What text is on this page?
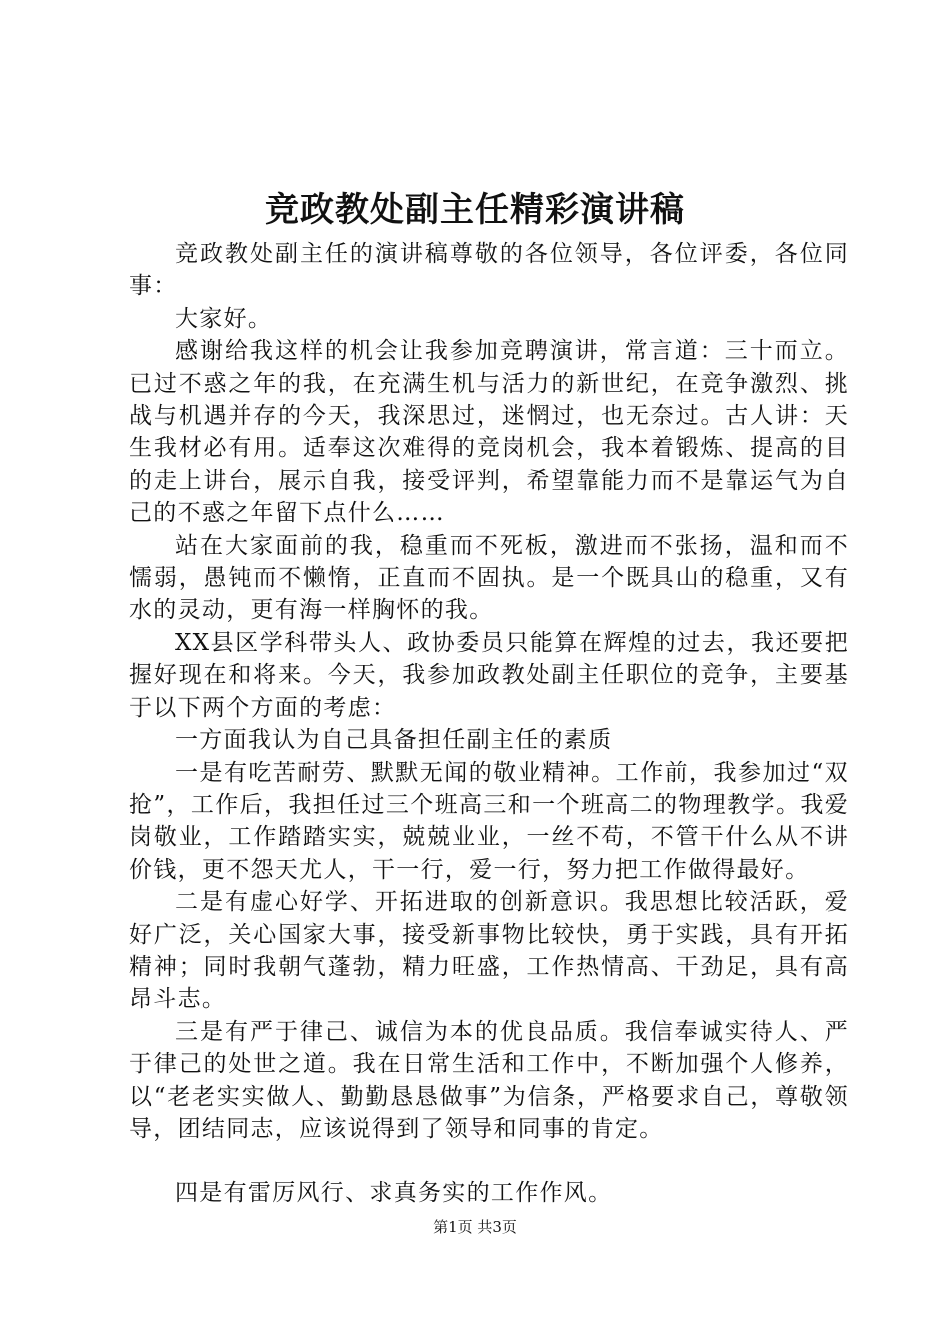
竞政教处副主任精彩演讲稿

竞政教处副主任的演讲稿尊敬的各位领导，各位评委，各位同事：

大家好。

感谢给我这样的机会让我参加竞聘演讲，常言道：三十而立。已过不惑之年的我，在充满生机与活力的新世纪，在竞争激烈、挑战与机遇并存的今天，我深思过，迷惘过，也无奈过。古人讲：天生我材必有用。适奉这次难得的竞岗机会，我本着锻炼、提高的目的走上讲台，展示自我，接受评判，希望靠能力而不是靠运气为自己的不惑之年留下点什么……

站在大家面前的我，稳重而不死板，激进而不张扬，温和而不懦弱，愚钝而不懒惰，正直而不固执。是一个既具山的稳重，又有水的灵动，更有海一样胸怀的我。

XX县区学科带头人、政协委员只能算在辉煌的过去，我还要把握好现在和将来。今天，我参加政教处副主任职位的竞争，主要基于以下两个方面的考虑：

一方面我认为自己具备担任副主任的素质

一是有吃苦耐劳、默默无闻的敬业精神。工作前，我参加过“双抢”，工作后，我担任过三个班高三和一个班高二的物理教学。我爱岗敬业，工作踏踏实实，兢兢业业，一丝不苟，不管干什么从不讲价钱，更不怨天尤人，干一行，爱一行，努力把工作做得最好。

二是有虚心好学、开拓进取的创新意识。我思想比较活跃，爱好广泛，关心国家大事，接受新事物比较快，勇于实践，具有开拓精神；同时我朝气蓬勃，精力旺盛，工作热情高、干劲足，具有高昂斗志。

三是有严于律己、诚信为本的优良品质。我信奉诚实待人、严于律己的处世之道。我在日常生活和工作中，不断加强个人修养，以“老老实实做人、勤勤恳恳做事”为信条，严格要求自己，尊敬领导，团结同志，应该说得到了领导和同事的肯定。

四是有雷厉风行、求真务实的工作作风。

第1页 共3页
